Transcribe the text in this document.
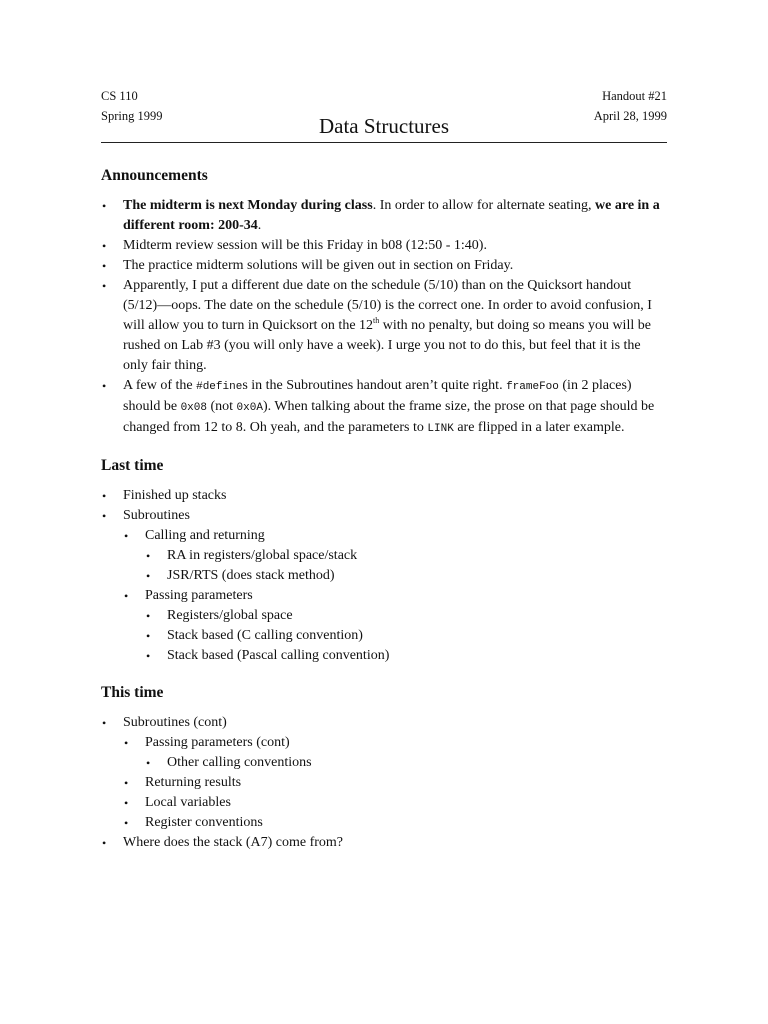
CS 110
Spring 1999
Handout #21
April 28, 1999
Data Structures
Announcements
• The midterm is next Monday during class. In order to allow for alternate seating, we are in a different room: 200-34.
• Midterm review session will be this Friday in b08 (12:50 - 1:40).
• The practice midterm solutions will be given out in section on Friday.
• Apparently, I put a different due date on the schedule (5/10) than on the Quicksort handout (5/12)—oops. The date on the schedule (5/10) is the correct one. In order to avoid confusion, I will allow you to turn in Quicksort on the 12th with no penalty, but doing so means you will be rushed on Lab #3 (you will only have a week). I urge you not to do this, but feel that it is the only fair thing.
• A few of the #defines in the Subroutines handout aren’t quite right. frameFoo (in 2 places) should be 0x08 (not 0x0A). When talking about the frame size, the prose on that page should be changed from 12 to 8. Oh yeah, and the parameters to LINK are flipped in a later example.
Last time
• Finished up stacks
• Subroutines
• Calling and returning
• RA in registers/global space/stack
• JSR/RTS (does stack method)
• Passing parameters
• Registers/global space
• Stack based (C calling convention)
• Stack based (Pascal calling convention)
This time
• Subroutines (cont)
• Passing parameters (cont)
• Other calling conventions
• Returning results
• Local variables
• Register conventions
• Where does the stack (A7) come from?
